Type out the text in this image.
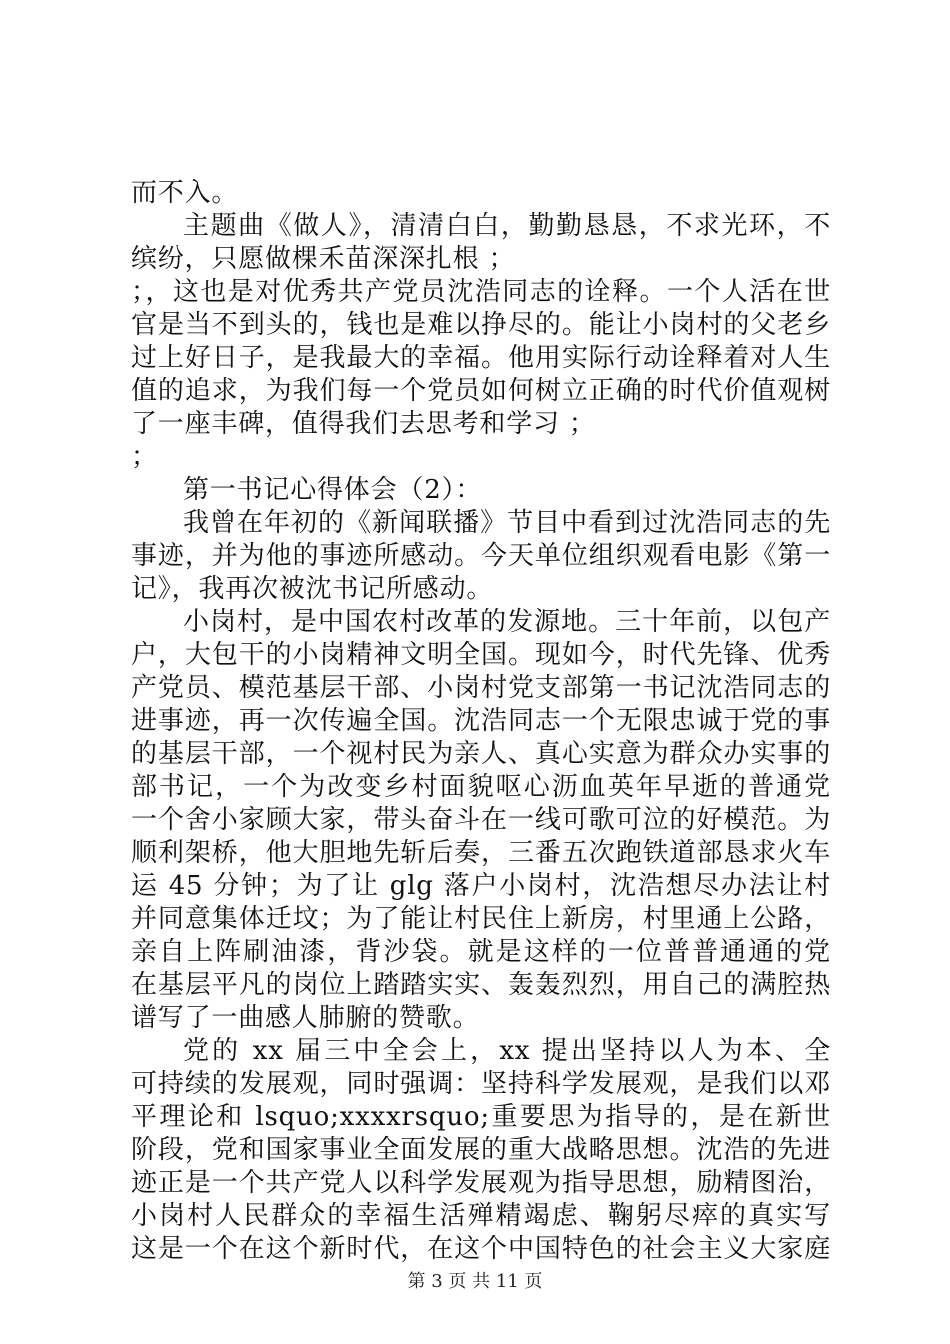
而不入。
主题曲《做人》，清清白白，勤勤恳恳，不求光环，不
缤纷，只愿做棵禾苗深深扎根 ；
；，这也是对优秀共产党员沈浩同志的诠释。一个人活在世
官是当不到头的，钱也是难以挣尽的。能让小岗村的父老乡
过上好日子，是我最大的幸福。他用实际行动诠释着对人生
值的追求，为我们每一个党员如何树立正确的时代价值观树
了一座丰碑，值得我们去思考和学习 ；
；
第一书记心得体会（2）：
我曾在年初的《新闻联播》节目中看到过沈浩同志的先
事迹，并为他的事迹所感动。今天单位组织观看电影《第一
记》，我再次被沈书记所感动。
小岗村，是中国农村改革的发源地。三十年前，以包产
户，大包干的小岗精神文明全国。现如今，时代先锋、优秀
产党员、模范基层干部、小岗村党支部第一书记沈浩同志的
进事迹，再一次传遍全国。沈浩同志一个无限忠诚于党的事
的基层干部，一个视村民为亲人、真心实意为群众办实事的
部书记，一个为改变乡村面貌呕心沥血英年早逝的普通党
一个舍小家顾大家，带头奋斗在一线可歌可泣的好模范。为
顺利架桥，他大胆地先斩后奏，三番五次跑铁道部恳求火车
运 45 分钟；为了让 glg 落户小岗村，沈浩想尽办法让村
并同意集体迁坟；为了能让村民住上新房，村里通上公路，
亲自上阵刷油漆，背沙袋。就是这样的一位普普通通的党
在基层平凡的岗位上踏踏实实、轰轰烈烈，用自己的满腔热
谱写了一曲感人肺腑的赞歌。
党的 xx 届三中全会上，xx 提出坚持以人为本、全
可持续的发展观，同时强调：坚持科学发展观，是我们以邓
平理论和 lsquo;xxxxrsquo;重要思为指导的，是在新世
阶段，党和国家事业全面发展的重大战略思想。沈浩的先进
迹正是一个共产党人以科学发展观为指导思想，励精图治，
小岗村人民群众的幸福生活殚精竭虑、鞠躬尽瘁的真实写
这是一个在这个新时代，在这个中国特色的社会主义大家庭
第 3 页 共 11 页
